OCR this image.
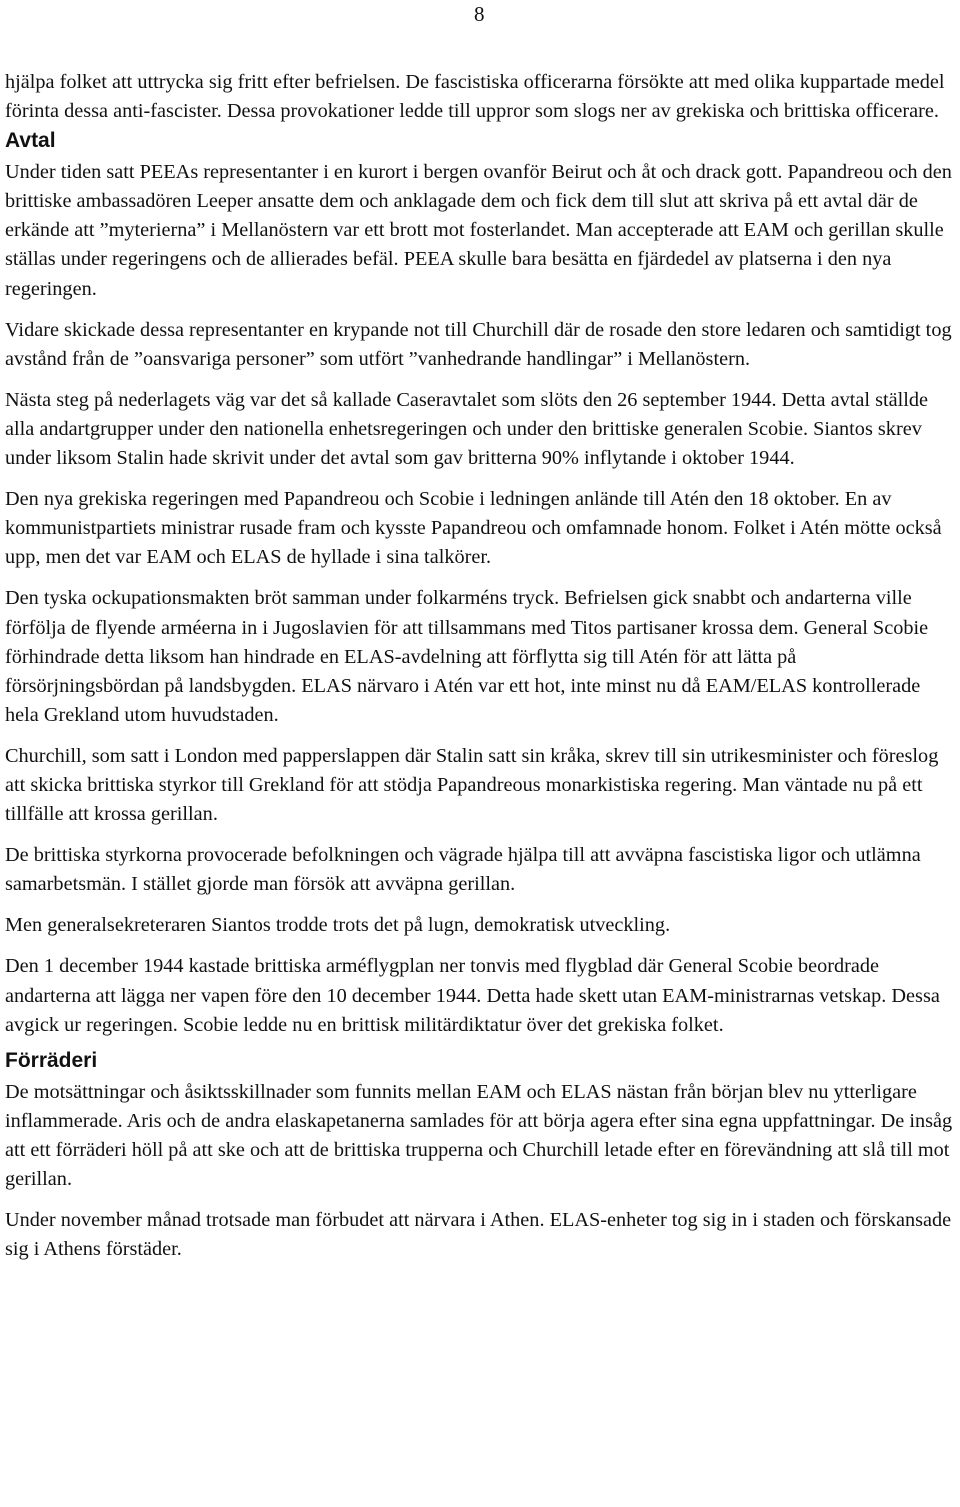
8

hjälpa folket att uttrycka sig fritt efter befrielsen. De fascistiska officerarna försökte att med olika kuppartade medel förinta dessa anti-fascister. Dessa provokationer ledde till uppror som slogs ner av grekiska och brittiska officerare.

Avtal

Under tiden satt PEEAs representanter i en kurort i bergen ovanför Beirut och åt och drack gott. Papandreou och den brittiske ambassadören Leeper ansatte dem och anklagade dem och fick dem till slut att skriva på ett avtal där de erkände att ”myterierna” i Mellanöstern var ett brott mot fosterlandet. Man accepterade att EAM och gerillan skulle ställas under regeringens och de allierades befäl. PEEA skulle bara besätta en fjärdedel av platserna i den nya regeringen.

Vidare skickade dessa representanter en krypande not till Churchill där de rosade den store ledaren och samtidigt tog avstånd från de ”oansvariga personer” som utfört ”vanhedrande handlingar” i Mellanöstern.

Nästa steg på nederlagets väg var det så kallade Caseravtalet som slöts den 26 september 1944. Detta avtal ställde alla andartgrupper under den nationella enhetsregeringen och under den brittiske generalen Scobie. Siantos skrev under liksom Stalin hade skrivit under det avtal som gav britterna 90% inflytande i oktober 1944.

Den nya grekiska regeringen med Papandreou och Scobie i ledningen anlände till Atén den 18 oktober. En av kommunistpartiets ministrar rusade fram och kysste Papandreou och omfamnade honom. Folket i Atén mötte också upp, men det var EAM och ELAS de hyllade i sina talkörer.

Den tyska ockupationsmakten bröt samman under folkarméns tryck. Befrielsen gick snabbt och andarterna ville förfölja de flyende arméerna in i Jugoslavien för att tillsammans med Titos partisaner krossa dem. General Scobie förhindrade detta liksom han hindrade en ELAS-avdelning att förflytta sig till Atén för att lätta på försörjningsbördan på landsbygden. ELAS närvaro i Atén var ett hot, inte minst nu då EAM/ELAS kontrollerade hela Grekland utom huvudstaden.

Churchill, som satt i London med papperslappen där Stalin satt sin kråka, skrev till sin utrikesminister och föreslog att skicka brittiska styrkor till Grekland för att stödja Papandreous monarkistiska regering. Man väntade nu på ett tillfälle att krossa gerillan.

De brittiska styrkorna provocerade befolkningen och vägrade hjälpa till att avväpna fascistiska ligor och utlämna samarbetsmän. I stället gjorde man försök att avväpna gerillan.

Men generalsekreteraren Siantos trodde trots det på lugn, demokratisk utveckling.

Den 1 december 1944 kastade brittiska arméflygplan ner tonvis med flygblad där General Scobie beordrade andarterna att lägga ner vapen före den 10 december 1944. Detta hade skett utan EAM-ministrarnas vetskap. Dessa avgick ur regeringen. Scobie ledde nu en brittisk militärdiktatur över det grekiska folket.

Förräderi

De motsättningar och åsiktsskillnader som funnits mellan EAM och ELAS nästan från början blev nu ytterligare inflammerade. Aris och de andra elaskapetanerna samlades för att börja agera efter sina egna uppfattningar. De insåg att ett förräderi höll på att ske och att de brittiska trupperna och Churchill letade efter en förevändning att slå till mot gerillan.

Under november månad trotsade man förbudet att närvara i Athen. ELAS-enheter tog sig in i staden och förskansade sig i Athens förstäder.
